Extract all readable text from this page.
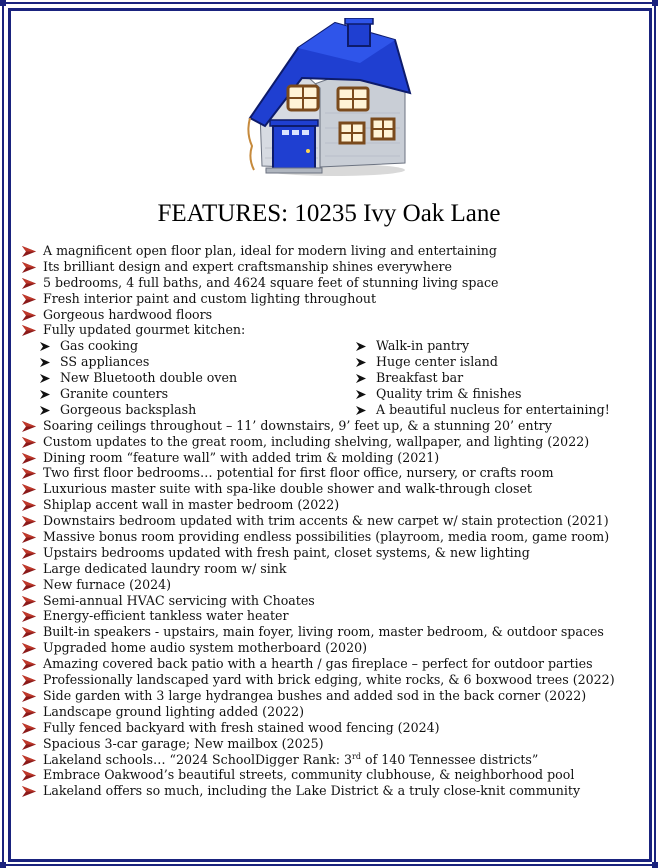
FEATURES: 10235 Ivy Oak Lane
A magnificent open floor plan, ideal for modern living and entertaining
Its brilliant design and expert craftsmanship shines everywhere
5 bedrooms, 4 full baths, and 4624 square feet of stunning living space
Fresh interior paint and custom lighting throughout
Gorgeous hardwood floors
Fully updated gourmet kitchen:
Gas cooking
SS appliances
New Bluetooth double oven
Granite counters
Gorgeous backsplash
Walk-in pantry
Huge center island
Breakfast bar
Quality trim & finishes
A beautiful nucleus for entertaining!
Soaring ceilings throughout – 11’ downstairs, 9’ feet up, & a stunning 20’ entry
Custom updates to the great room, including shelving, wallpaper, and lighting (2022)
Dining room “feature wall” with added trim & molding (2021)
Two first floor bedrooms… potential for first floor office, nursery, or crafts room
Luxurious master suite with spa-like double shower and walk-through closet
Shiplap accent wall in master bedroom (2022)
Downstairs bedroom updated with trim accents & new carpet w/ stain protection (2021)
Massive bonus room providing endless possibilities (playroom, media room, game room)
Upstairs bedrooms updated with fresh paint, closet systems, & new lighting
Large dedicated laundry room w/ sink
New furnace (2024)
Semi-annual HVAC servicing with Choates
Energy-efficient tankless water heater
Built-in speakers - upstairs, main foyer, living room, master bedroom, & outdoor spaces
Upgraded home audio system motherboard (2020)
Amazing covered back patio with a hearth / gas fireplace – perfect for outdoor parties
Professionally landscaped yard with brick edging, white rocks, & 6 boxwood trees (2022)
Side garden with 3 large hydrangea bushes and added sod in the back corner (2022)
Landscape ground lighting added (2022)
Fully fenced backyard with fresh stained wood fencing (2024)
Spacious 3-car garage; New mailbox (2025)
Lakeland schools… “2024 SchoolDigger Rank: 3rd of 140 Tennessee districts”
Embrace Oakwood’s beautiful streets, community clubhouse, & neighborhood pool
Lakeland offers so much, including the Lake District & a truly close-knit community
